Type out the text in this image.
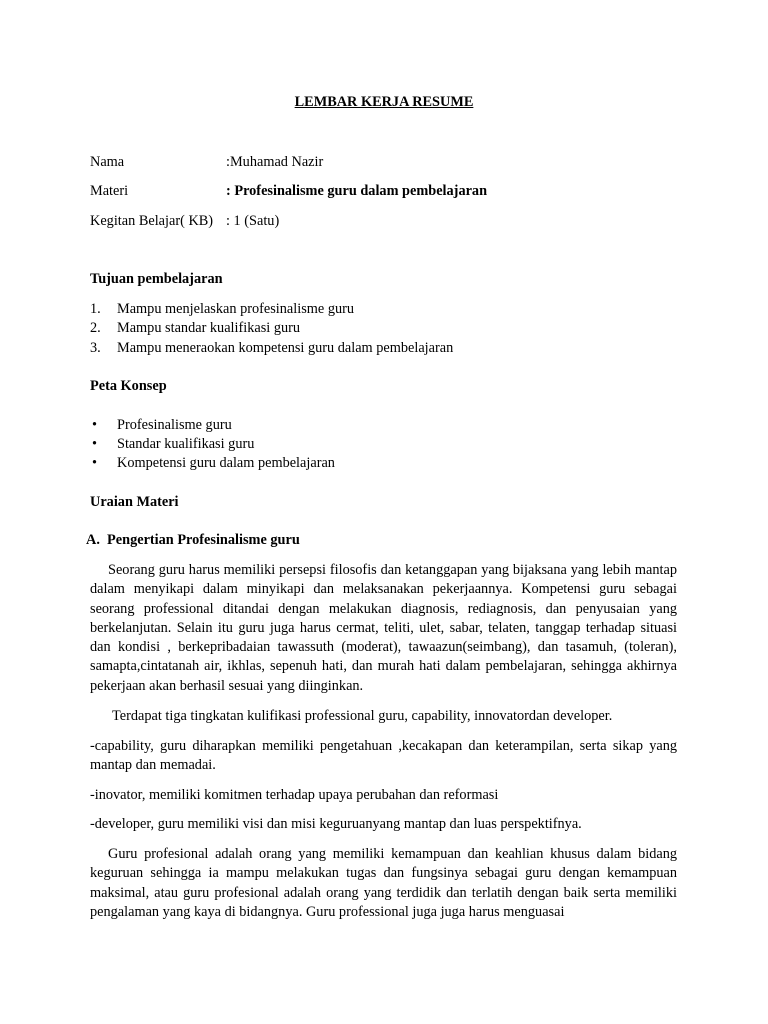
LEMBAR KERJA RESUME
Nama	:Muhamad Nazir
Materi	: Profesinalisme guru dalam pembelajaran
Kegitan Belajar( KB) : 1 (Satu)
Tujuan pembelajaran
1. Mampu menjelaskan profesinalisme guru
2. Mampu standar kualifikasi guru
3. Mampu meneraokan kompetensi guru dalam pembelajaran
Peta Konsep
• Profesinalisme guru
• Standar kualifikasi guru
• Kompetensi guru dalam pembelajaran
Uraian Materi
A.  Pengertian Profesinalisme guru

Seorang guru harus memiliki persepsi filosofis dan ketanggapan yang bijaksana yang lebih mantap dalam menyikapi dalam minyikapi dan melaksanakan pekerjaannya. Kompetensi guru sebagai seorang professional ditandai dengan melakukan diagnosis, rediagnosis, dan penyusaian yang berkelanjutan. Selain itu guru juga harus cermat, teliti, ulet, sabar, telaten, tanggap terhadap situasi dan kondisi , berkepribadaian tawassuth (moderat), tawaazun(seimbang), dan tasamuh, (toleran), samapta,cintatanah air, ikhlas, sepenuh hati, dan murah hati dalam pembelajaran, sehingga akhirnya pekerjaan akan berhasil sesuai yang diinginkan.

Terdapat tiga tingkatan kulifikasi professional guru, capability, innovatordan developer.

-capability, guru diharapkan memiliki pengetahuan ,kecakapan dan keterampilan, serta sikap yang mantap dan memadai.

-inovator, memiliki komitmen terhadap upaya perubahan dan reformasi

-developer, guru memiliki visi dan misi keguruanyang mantap dan luas perspektifnya.

Guru profesional adalah orang yang memiliki kemampuan dan keahlian khusus dalam bidang keguruan sehingga ia mampu melakukan tugas dan fungsinya sebagai guru dengan kemampuan maksimal, atau guru profesional adalah orang yang terdidik dan terlatih dengan baik serta memiliki pengalaman yang kaya di bidangnya. Guru professional juga juga harus menguasai
